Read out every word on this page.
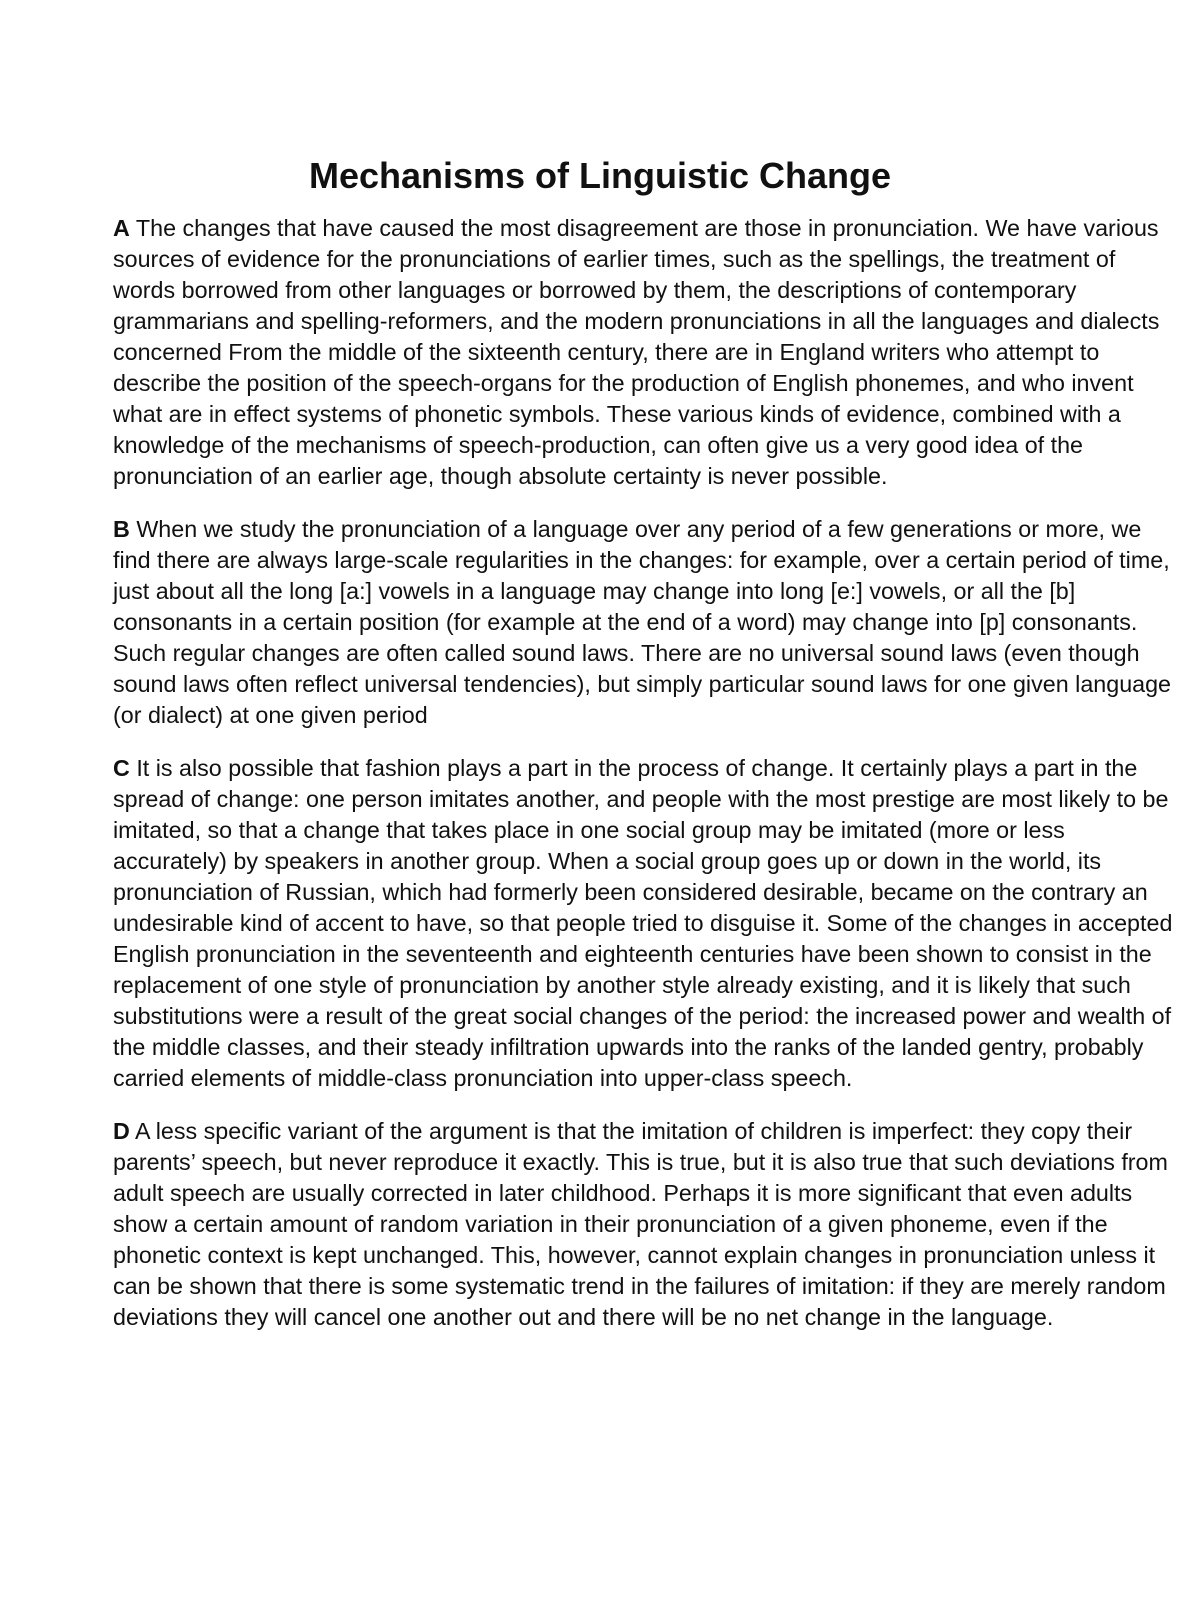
Mechanisms of Linguistic Change

A The changes that have caused the most disagreement are those in pronunciation. We have various sources of evidence for the pronunciations of earlier times, such as the spellings, the treatment of words borrowed from other languages or borrowed by them, the descriptions of contemporary grammarians and spelling-reformers, and the modern pronunciations in all the languages and dialects concerned From the middle of the sixteenth century, there are in England writers who attempt to describe the position of the speech-organs for the production of English phonemes, and who invent what are in effect systems of phonetic symbols. These various kinds of evidence, combined with a knowledge of the mechanisms of speech-production, can often give us a very good idea of the pronunciation of an earlier age, though absolute certainty is never possible.

B When we study the pronunciation of a language over any period of a few generations or more, we find there are always large-scale regularities in the changes: for example, over a certain period of time, just about all the long [a:] vowels in a language may change into long [e:] vowels, or all the [b] consonants in a certain position (for example at the end of a word) may change into [p] consonants. Such regular changes are often called sound laws. There are no universal sound laws (even though sound laws often reflect universal tendencies), but simply particular sound laws for one given language (or dialect) at one given period

C It is also possible that fashion plays a part in the process of change. It certainly plays a part in the spread of change: one person imitates another, and people with the most prestige are most likely to be imitated, so that a change that takes place in one social group may be imitated (more or less accurately) by speakers in another group. When a social group goes up or down in the world, its pronunciation of Russian, which had formerly been considered desirable, became on the contrary an undesirable kind of accent to have, so that people tried to disguise it. Some of the changes in accepted English pronunciation in the seventeenth and eighteenth centuries have been shown to consist in the replacement of one style of pronunciation by another style already existing, and it is likely that such substitutions were a result of the great social changes of the period: the increased power and wealth of the middle classes, and their steady infiltration upwards into the ranks of the landed gentry, probably carried elements of middle-class pronunciation into upper-class speech.

D A less specific variant of the argument is that the imitation of children is imperfect: they copy their parents’ speech, but never reproduce it exactly. This is true, but it is also true that such deviations from adult speech are usually corrected in later childhood. Perhaps it is more significant that even adults show a certain amount of random variation in their pronunciation of a given phoneme, even if the phonetic context is kept unchanged. This, however, cannot explain changes in pronunciation unless it can be shown that there is some systematic trend in the failures of imitation: if they are merely random deviations they will cancel one another out and there will be no net change in the language.
